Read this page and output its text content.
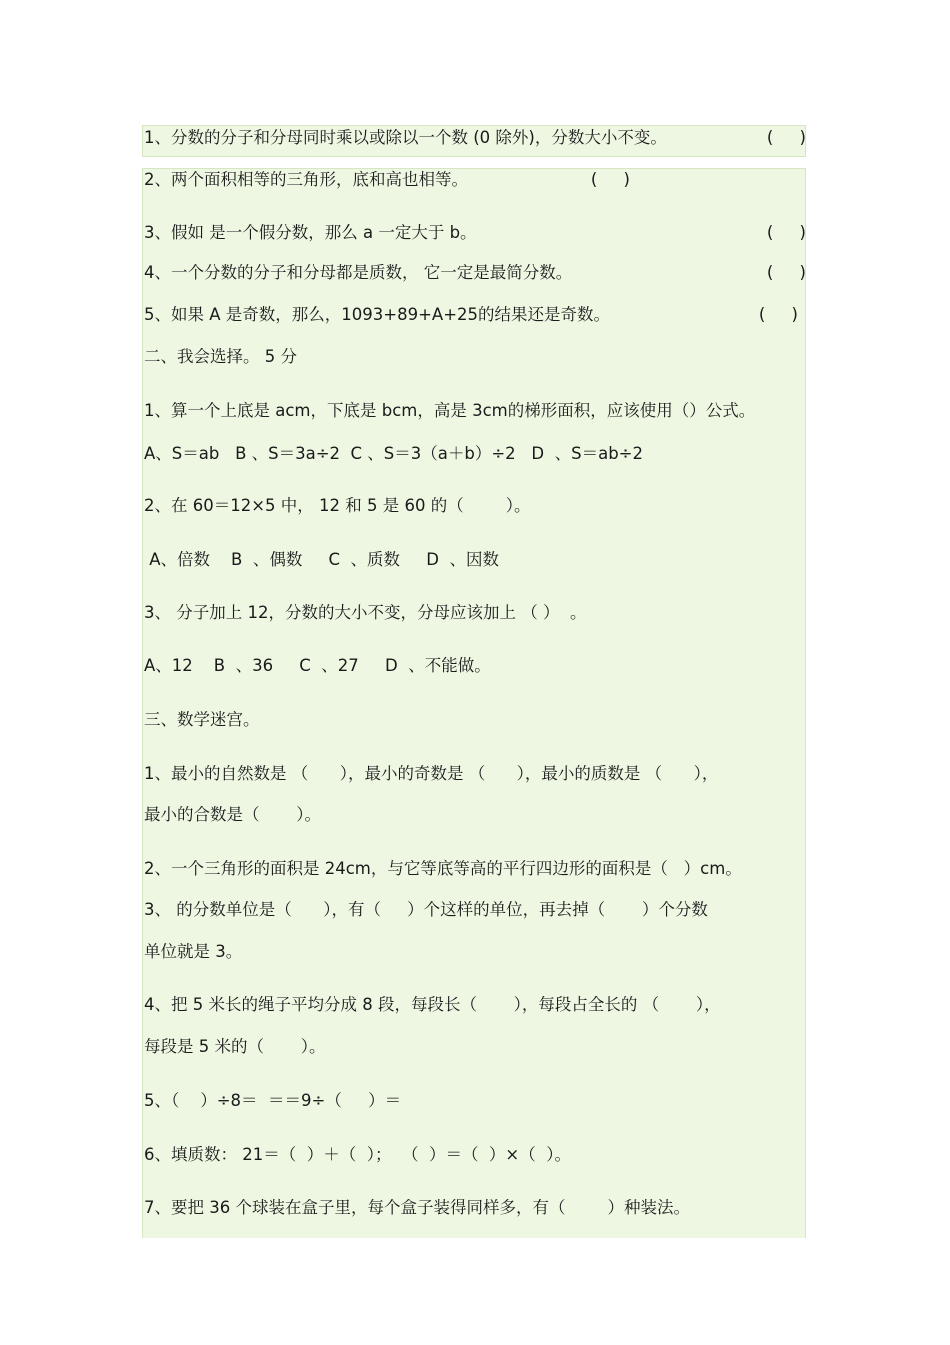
1、分数的分子和分母同时乘以或除以一个数 (0 除外)，分数大小不变。	(     )
2、两个面积相等的三角形，底和高也相等。	(     )
3、假如 是一个假分数，那么 a 一定大于 b。	(     )
4、一个分数的分子和分母都是质数， 它一定是最简分数。	(     )
5、如果 A 是奇数，那么，1093+89+A+25的结果还是奇数。	(     )
二、我会选择。 5 分
1、算一个上底是 acm，下底是 bcm，高是 3cm的梯形面积，应该使用（）公式。
A、S＝ab   B 、S＝3a÷2  C 、S＝3（a＋b）÷2   D  、S＝ab÷2
2、在 60＝12×5 中， 12 和 5 是 60 的（        ）。
A、倍数    B  、偶数     C  、质数     D  、因数
3、 分子加上 12，分数的大小不变，分母应该加上 （ ）  。
A、12    B  、36     C  、27     D  、不能做。
三、数学迷宫。
1、最小的自然数是 （      ），最小的奇数是 （      ），最小的质数是 （      ），
最小的合数是（       ）。
2、一个三角形的面积是 24cm，与它等底等高的平行四边形的面积是（   ）cm。
3、 的分数单位是（      ），有（     ）个这样的单位，再去掉（       ）个分数
单位就是 3。
4、把 5 米长的绳子平均分成 8 段，每段长（       ），每段占全长的 （       ），
每段是 5 米的（       ）。
5、（    ）÷8＝  ＝＝9÷（     ）＝
6、填质数： 21＝（  ）＋（  ）；  （  ）＝（  ）×（  ）。
7、要把 36 个球装在盒子里，每个盒子装得同样多，有（        ）种装法。
